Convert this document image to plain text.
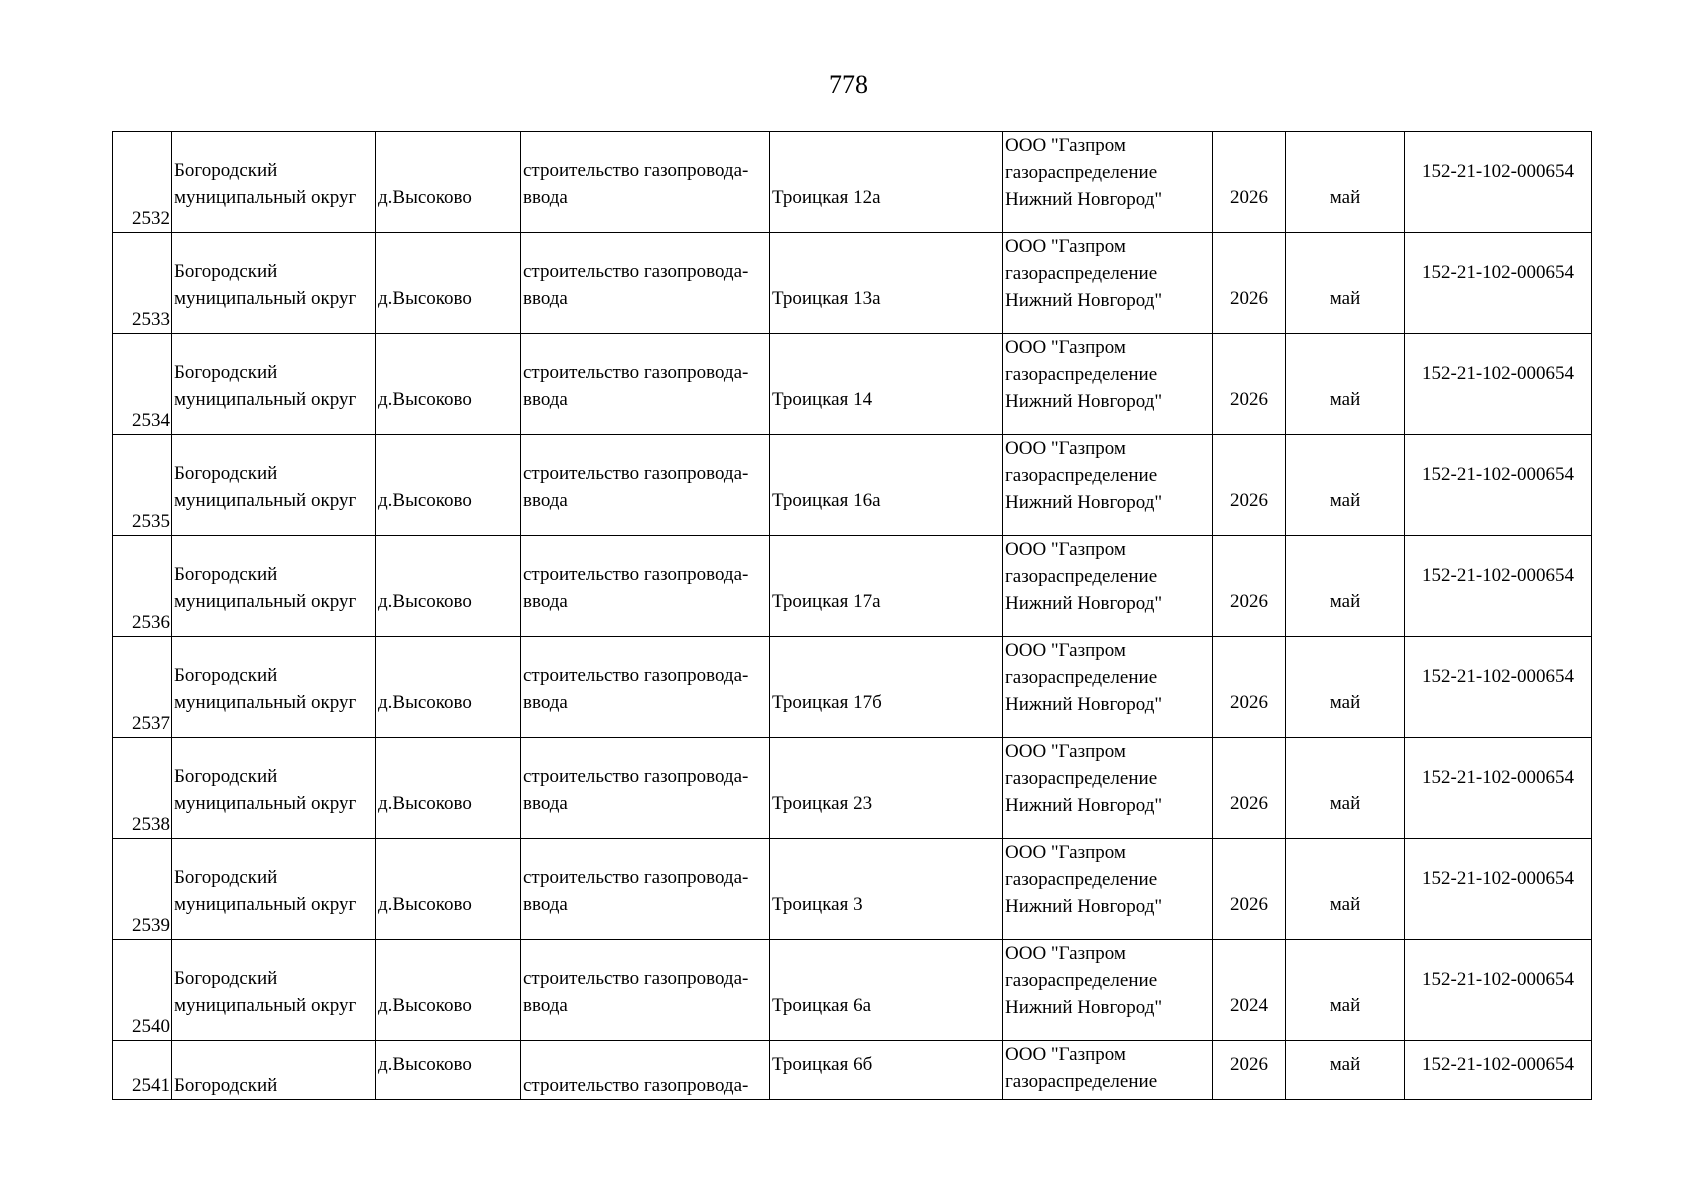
778
2532	Богородский
муниципальный округ	д.Высоково	строительство газопровода-
ввода	Троицкая 12а	ООО "Газпром
газораспределение
Нижний Новгород"	2026	май	152-21-102-000654
2533	Богородский
муниципальный округ	д.Высоково	строительство газопровода-
ввода	Троицкая 13а	ООО "Газпром
газораспределение
Нижний Новгород"	2026	май	152-21-102-000654
2534	Богородский
муниципальный округ	д.Высоково	строительство газопровода-
ввода	Троицкая 14	ООО "Газпром
газораспределение
Нижний Новгород"	2026	май	152-21-102-000654
2535	Богородский
муниципальный округ	д.Высоково	строительство газопровода-
ввода	Троицкая 16а	ООО "Газпром
газораспределение
Нижний Новгород"	2026	май	152-21-102-000654
2536	Богородский
муниципальный округ	д.Высоково	строительство газопровода-
ввода	Троицкая 17а	ООО "Газпром
газораспределение
Нижний Новгород"	2026	май	152-21-102-000654
2537	Богородский
муниципальный округ	д.Высоково	строительство газопровода-
ввода	Троицкая 17б	ООО "Газпром
газораспределение
Нижний Новгород"	2026	май	152-21-102-000654
2538	Богородский
муниципальный округ	д.Высоково	строительство газопровода-
ввода	Троицкая 23	ООО "Газпром
газораспределение
Нижний Новгород"	2026	май	152-21-102-000654
2539	Богородский
муниципальный округ	д.Высоково	строительство газопровода-
ввода	Троицкая 3	ООО "Газпром
газораспределение
Нижний Новгород"	2026	май	152-21-102-000654
2540	Богородский
муниципальный округ	д.Высоково	строительство газопровода-
ввода	Троицкая 6а	ООО "Газпром
газораспределение
Нижний Новгород"	2024	май	152-21-102-000654
2541	Богородский	д.Высоково	строительство газопровода-	Троицкая 6б	ООО "Газпром
газораспределение	2026	май	152-21-102-000654
